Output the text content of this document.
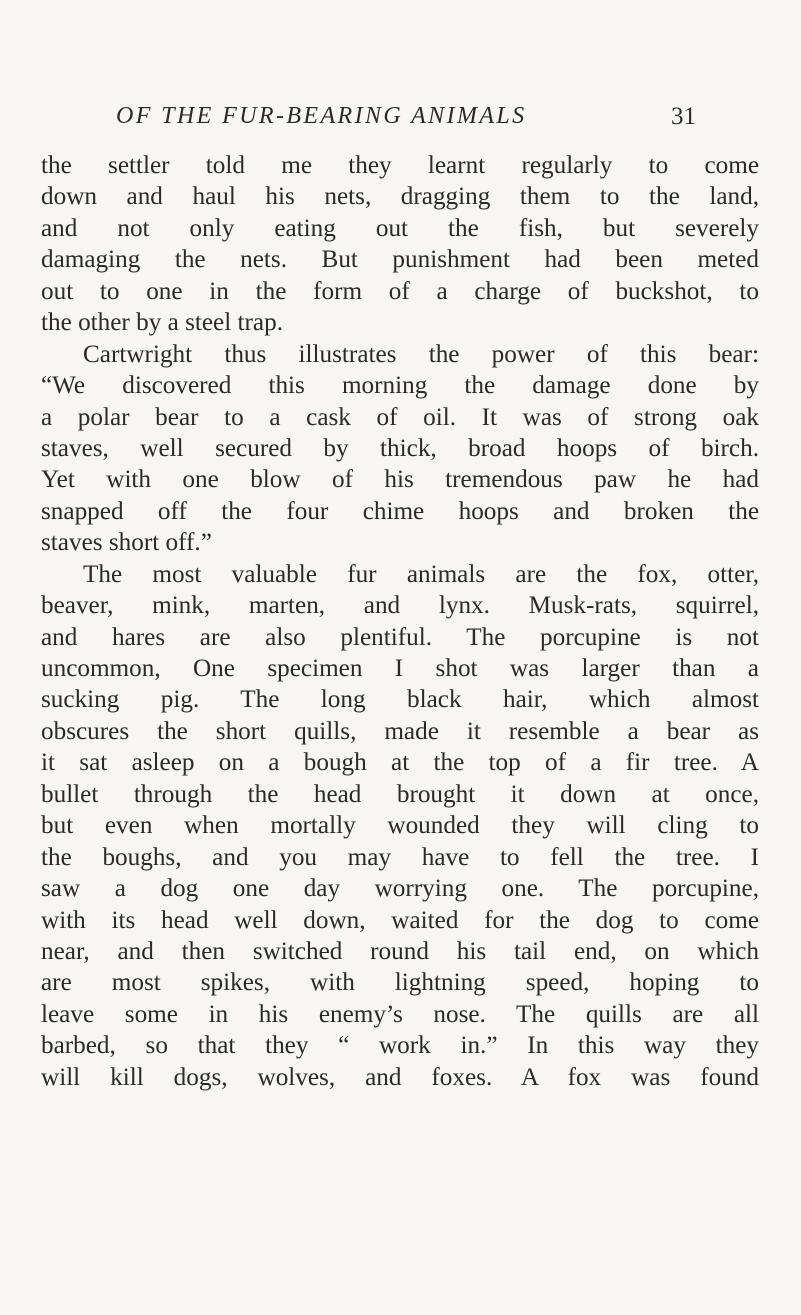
OF THE FUR-BEARING ANIMALS	31
the settler told me they learnt regularly to come
down and haul his nets, dragging them to the land,
and not only eating out the fish, but severely
damaging the nets. But punishment had been meted
out to one in the form of a charge of buckshot, to
the other by a steel trap.
Cartwright thus illustrates the power of this bear:
“We discovered this morning the damage done by
a polar bear to a cask of oil. It was of strong oak
staves, well secured by thick, broad hoops of birch.
Yet with one blow of his tremendous paw he had
snapped off the four chime hoops and broken the
staves short off.”
The most valuable fur animals are the fox, otter,
beaver, mink, marten, and lynx. Musk-rats, squirrel,
and hares are also plentiful. The porcupine is not
uncommon, One specimen I shot was larger than a
sucking pig. The long black hair, which almost
obscures the short quills, made it resemble a bear as
it sat asleep on a bough at the top of a fir tree. A
bullet through the head brought it down at once,
but even when mortally wounded they will cling to
the boughs, and you may have to fell the tree. I
saw a dog one day worrying one. The porcupine,
with its head well down, waited for the dog to come
near, and then switched round his tail end, on which
are most spikes, with lightning speed, hoping to
leave some in his enemy’s nose. The quills are all
barbed, so that they “ work in.” In this way they
will kill dogs, wolves, and foxes. A fox was found
